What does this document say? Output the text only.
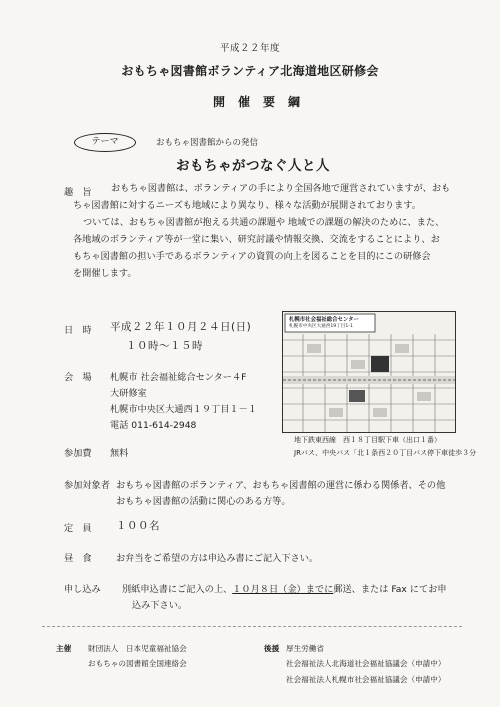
平成２２年度
おもちゃ図書館ボランティア北海道地区研修会
開催要綱
テーマ	おもちゃ図書館からの発信
おもちゃがつなぐ人と人
趣　旨 おもちゃ図書館は、ボランティアの手により全国各地で運営されていますが、おも
ちゃ図書館に対するニーズも地域により異なり、様々な活動が展開されております。
ついては、おもちゃ図書館が抱える共通の課題や 地域での課題の解決のために、また、
各地域のボランティア等が一堂に集い、研究討議や情報交換、交流をすることにより、お
もちゃ図書館の担い手であるボランティアの資質の向上を図ることを目的にこの研修会
を開催します。
日　時 平成２２年１０月２４日(日)
１０時～１５時
会　場 札幌市 社会福祉総合センター４F
大研修室
札幌市中央区大通西１９丁目１－１
電話 011-614-2948
札幌市社会福祉総合センター
札幌市中央区大通西19丁目1-1
地下鉄東西線　西１８丁目駅下車（出口１番）
JRバス、中央バス「北１条西２０丁目バス停下車徒歩３分
参加費 無料
参加対象者 おもちゃ図書館のボランティア、おもちゃ図書館の運営に係わる関係者、その他
おもちゃ図書館の活動に関心のある方等。
定　員 １００名
昼　食	お弁当をご希望の方は申込み書にご記入下さい。
申し込み 別紙申込書にご記入の上、１０月８日（金）までに郵送、または Fax にてお申
込み下さい。
主催 財団法人　日本児童福祉協会
おもちゃの図書館全国連絡会
後援 厚生労働省
社会福祉法人北海道社会福祉協議会（申請中）
社会福祉法人札幌市社会福祉協議会（申請中）
